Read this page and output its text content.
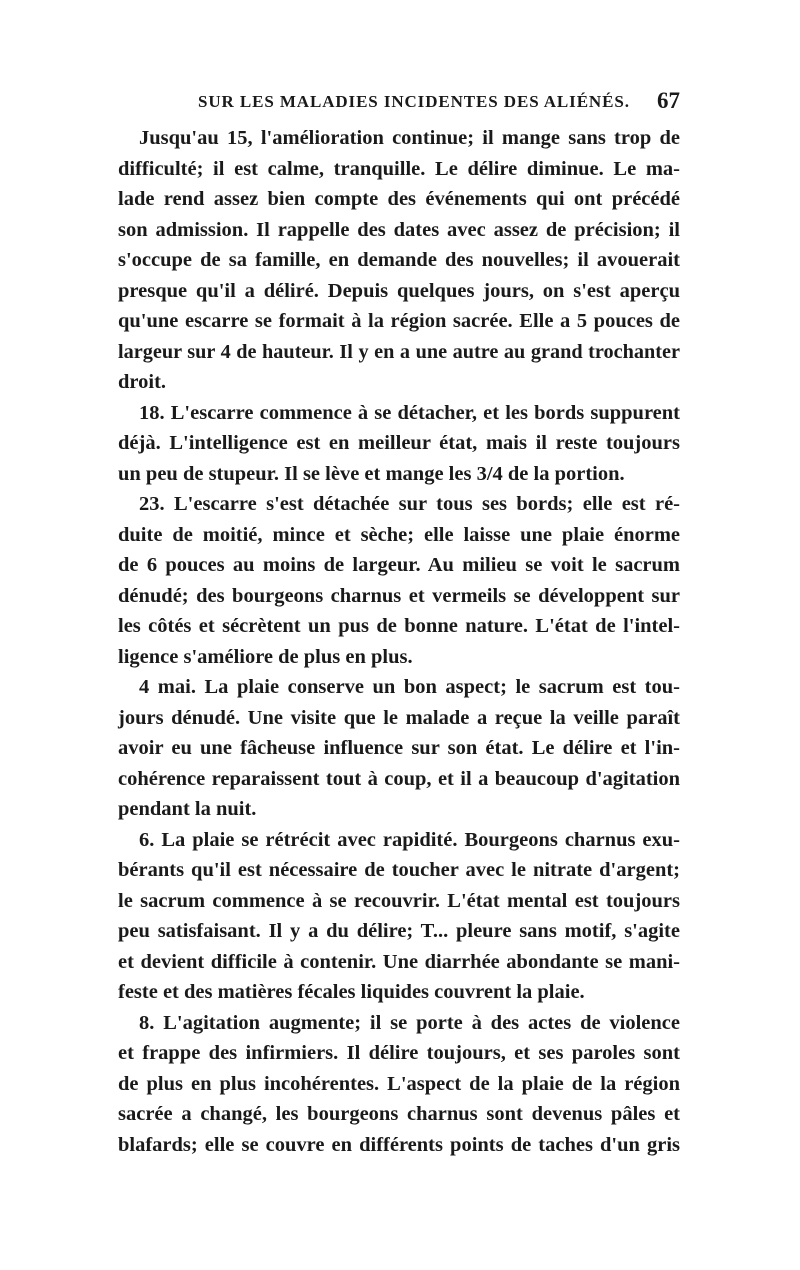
SUR LES MALADIES INCIDENTES DES ALIÉNÉS. 67
Jusqu'au 15, l'amélioration continue; il mange sans trop de
difficulté; il est calme, tranquille. Le délire diminue. Le ma-
lade rend assez bien compte des événements qui ont précédé
son admission. Il rappelle des dates avec assez de précision; il
s'occupe de sa famille, en demande des nouvelles; il avouerait
presque qu'il a déliré. Depuis quelques jours, on s'est aperçu
qu'une escarre se formait à la région sacrée. Elle a 5 pouces de
largeur sur 4 de hauteur. Il y en a une autre au grand trochanter
droit.
18. L'escarre commence à se détacher, et les bords suppurent
déjà. L'intelligence est en meilleur état, mais il reste toujours
un peu de stupeur. Il se lève et mange les 3/4 de la portion.
23. L'escarre s'est détachée sur tous ses bords; elle est ré-
duite de moitié, mince et sèche; elle laisse une plaie énorme
de 6 pouces au moins de largeur. Au milieu se voit le sacrum
dénudé; des bourgeons charnus et vermeils se développent sur
les côtés et sécrètent un pus de bonne nature. L'état de l'intel-
ligence s'améliore de plus en plus.
4 mai. La plaie conserve un bon aspect; le sacrum est tou-
jours dénudé. Une visite que le malade a reçue la veille paraît
avoir eu une fâcheuse influence sur son état. Le délire et l'in-
cohérence reparaissent tout à coup, et il a beaucoup d'agitation
pendant la nuit.
6. La plaie se rétrécit avec rapidité. Bourgeons charnus exu-
bérants qu'il est nécessaire de toucher avec le nitrate d'argent;
le sacrum commence à se recouvrir. L'état mental est toujours
peu satisfaisant. Il y a du délire; T... pleure sans motif, s'agite
et devient difficile à contenir. Une diarrhée abondante se mani-
feste et des matières fécales liquides couvrent la plaie.
8. L'agitation augmente; il se porte à des actes de violence
et frappe des infirmiers. Il délire toujours, et ses paroles sont
de plus en plus incohérentes. L'aspect de la plaie de la région
sacrée a changé, les bourgeons charnus sont devenus pâles et
blafards; elle se couvre en différents points de taches d'un gris
